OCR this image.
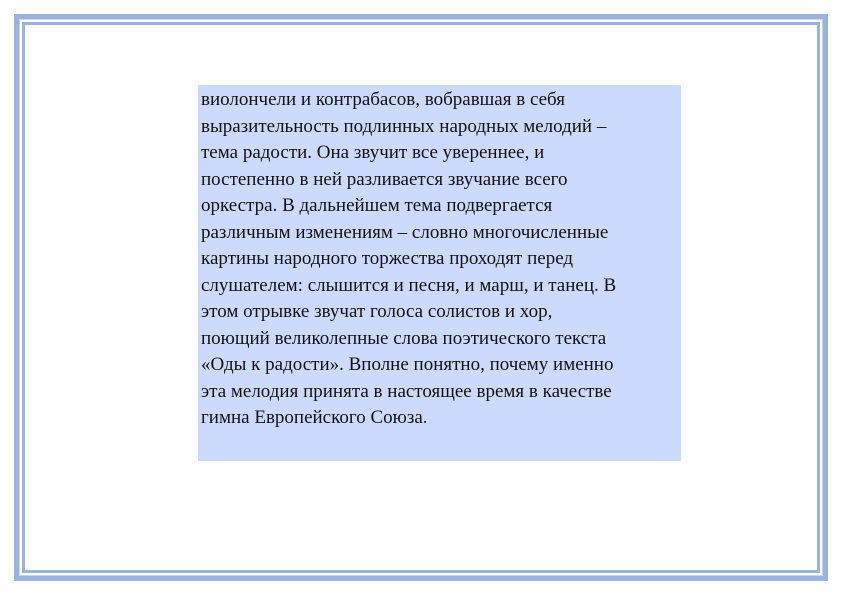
виолончели и контрабасов, вобравшая в себя

выразительность подлинных народных мелодий –

тема радости. Она звучит все увереннее, и

постепенно в ней разливается звучание всего

оркестра. В дальнейшем тема подвергается

различным изменениям – словно многочисленные

картины народного торжества проходят перед

слушателем: слышится и песня, и марш, и танец. В

этом отрывке звучат голоса солистов и хор,

поющий великолепные слова поэтического текста

«Оды к радости». Вполне понятно, почему именно

эта мелодия принята в настоящее время в качестве

гимна Европейского Союза.
